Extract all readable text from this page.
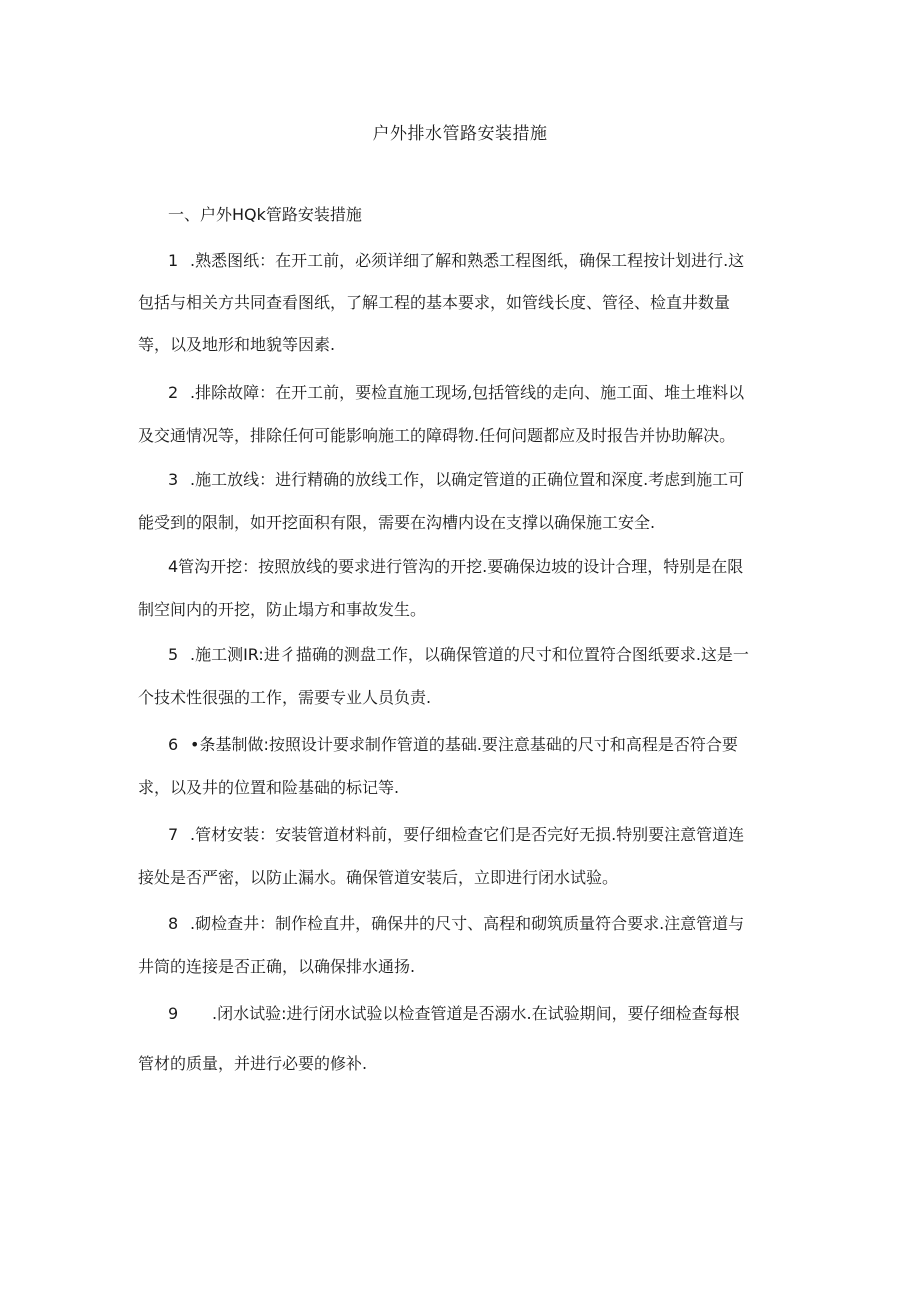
户外排水管路安装措施
一、户外HQk管路安装措施
1 .熟悉图纸：在开工前，必须详细了解和熟悉工程图纸，确保工程按计划进行.这
包括与相关方共同查看图纸，了解工程的基本要求，如管线长度、管径、检直井数量
等，以及地形和地貌等因素.
2 .排除故障：在开工前，要检直施工现场,包括管线的走向、施工面、堆土堆料以
及交通情况等，排除任何可能影响施工的障碍物.任何问题都应及时报告并协助解决。
3 .施工放线：进行精确的放线工作，以确定管道的正确位置和深度.考虑到施工可
能受到的限制，如开挖面积有限，需要在沟槽内设在支撑以确保施工安全.
4管沟开挖：按照放线的要求进行管沟的开挖.要确保边坡的设计合理，特别是在限
制空间内的开挖，防止塌方和事故发生。
5 .施工测IR:进彳描确的测盘工作，以确保管道的尺寸和位置符合图纸要求.这是一
个技术性很强的工作，需要专业人员负责.
6 •条基制做:按照设计要求制作管道的基础.要注意基础的尺寸和高程是否符合要
求，以及井的位置和险基础的标记等.
7 .管材安装：安装管道材料前，要仔细检查它们是否完好无损.特别要注意管道连
接处是否严密，以防止漏水。确保管道安装后，立即进行闭水试验。
8 .砌检查井：制作检直井，确保井的尺寸、高程和砌筑质量符合要求.注意管道与
井筒的连接是否正确，以确保排水通扬.
9 .闭水试验:进行闭水试验以检查管道是否溺水.在试验期间，要仔细检查每根
管材的质量，并进行必要的修补.
